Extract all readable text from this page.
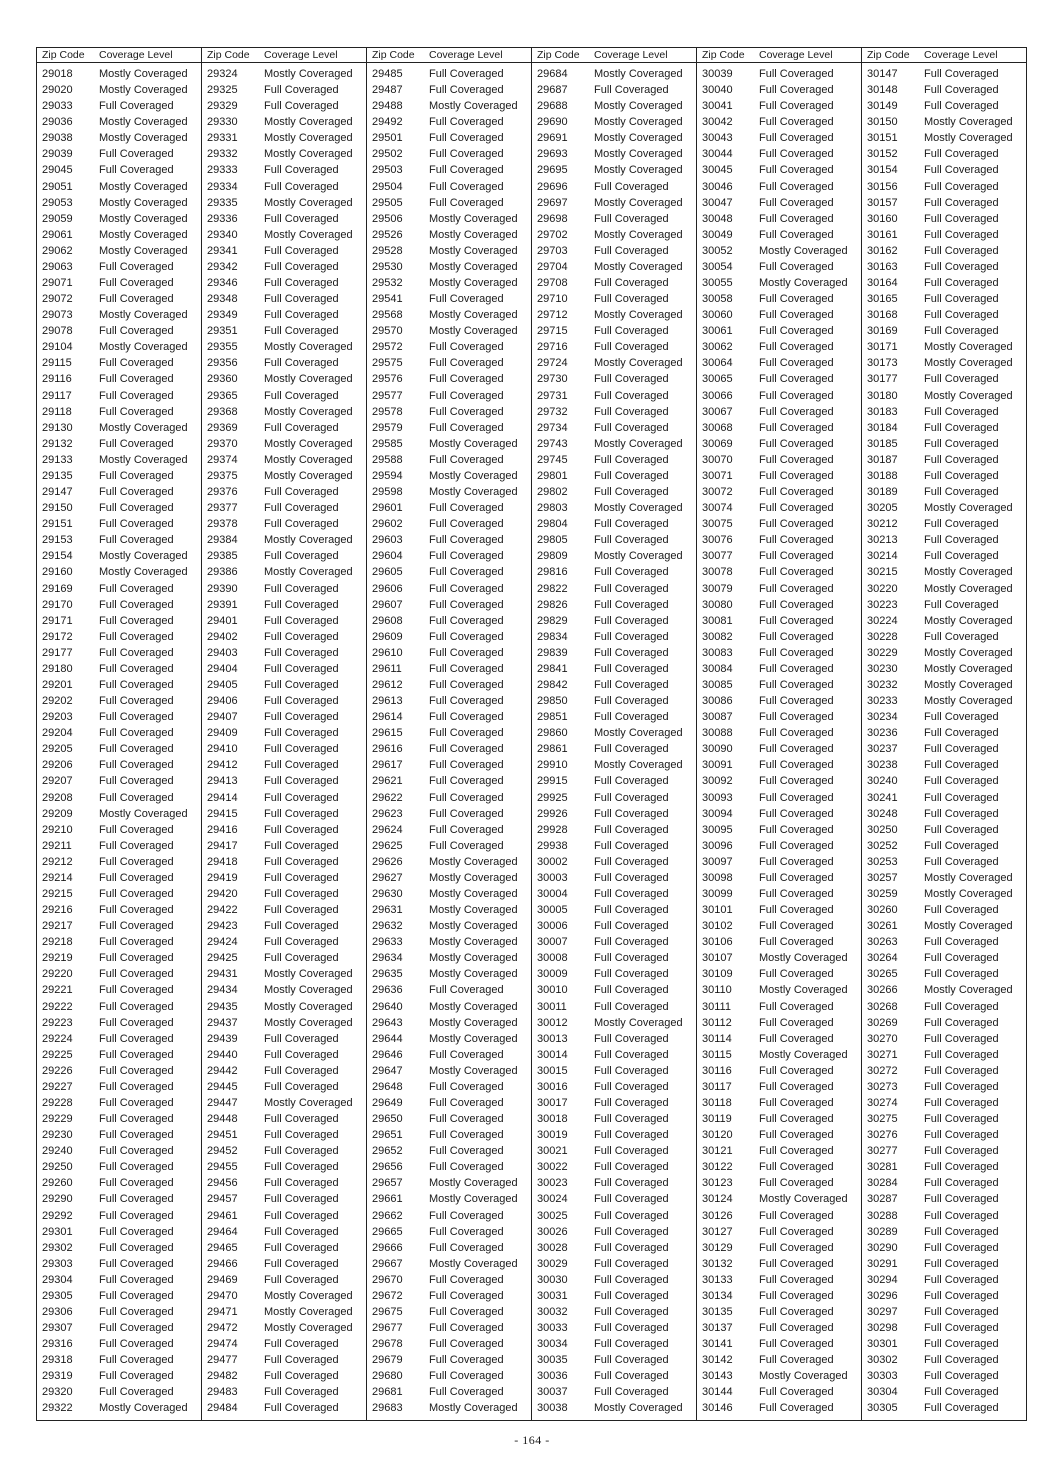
Zip Code Coverage Level
29018 Mostly Coveraged
29020 Mostly Coveraged
29033 Full Coveraged
29036 Mostly Coveraged
29038 Mostly Coveraged
29039 Full Coveraged
29045 Full Coveraged
29051 Mostly Coveraged
29053 Mostly Coveraged
29059 Mostly Coveraged
29061 Mostly Coveraged
29062 Mostly Coveraged
29063 Full Coveraged
29071 Full Coveraged
29072 Full Coveraged
29073 Mostly Coveraged
29078 Full Coveraged
29104 Mostly Coveraged
29115 Full Coveraged
29116 Full Coveraged
29117 Full Coveraged
29118 Full Coveraged
29130 Mostly Coveraged
29132 Full Coveraged
29133 Mostly Coveraged
29135 Full Coveraged
29147 Full Coveraged
29150 Full Coveraged
29151 Full Coveraged
29153 Full Coveraged
29154 Mostly Coveraged
29160 Mostly Coveraged
29169 Full Coveraged
29170 Full Coveraged
29171 Full Coveraged
29172 Full Coveraged
29177 Full Coveraged
29180 Full Coveraged
29201 Full Coveraged
29202 Full Coveraged
29203 Full Coveraged
29204 Full Coveraged
29205 Full Coveraged
29206 Full Coveraged
29207 Full Coveraged
29208 Full Coveraged
29209 Mostly Coveraged
29210 Full Coveraged
29211 Full Coveraged
29212 Full Coveraged
29214 Full Coveraged
29215 Full Coveraged
29216 Full Coveraged
29217 Full Coveraged
29218 Full Coveraged
29219 Full Coveraged
29220 Full Coveraged
29221 Full Coveraged
29222 Full Coveraged
29223 Full Coveraged
29224 Full Coveraged
29225 Full Coveraged
29226 Full Coveraged
29227 Full Coveraged
29228 Full Coveraged
29229 Full Coveraged
29230 Full Coveraged
29240 Full Coveraged
29250 Full Coveraged
29260 Full Coveraged
29290 Full Coveraged
29292 Full Coveraged
29301 Full Coveraged
29302 Full Coveraged
29303 Full Coveraged
29304 Full Coveraged
29305 Full Coveraged
29306 Full Coveraged
29307 Full Coveraged
29316 Full Coveraged
29318 Full Coveraged
29319 Full Coveraged
29320 Full Coveraged
29322 Mostly Coveraged
Zip Code Coverage Level
29324 Mostly Coveraged
29325 Full Coveraged
29329 Full Coveraged
29330 Mostly Coveraged
29331 Mostly Coveraged
29332 Mostly Coveraged
29333 Full Coveraged
29334 Full Coveraged
29335 Mostly Coveraged
29336 Full Coveraged
29340 Mostly Coveraged
29341 Full Coveraged
29342 Full Coveraged
29346 Full Coveraged
29348 Full Coveraged
29349 Full Coveraged
29351 Full Coveraged
29355 Mostly Coveraged
29356 Full Coveraged
29360 Mostly Coveraged
29365 Full Coveraged
29368 Mostly Coveraged
29369 Full Coveraged
29370 Mostly Coveraged
29374 Mostly Coveraged
29375 Mostly Coveraged
29376 Full Coveraged
29377 Full Coveraged
29378 Full Coveraged
29384 Mostly Coveraged
29385 Full Coveraged
29386 Mostly Coveraged
29390 Full Coveraged
29391 Full Coveraged
29401 Full Coveraged
29402 Full Coveraged
29403 Full Coveraged
29404 Full Coveraged
29405 Full Coveraged
29406 Full Coveraged
29407 Full Coveraged
29409 Full Coveraged
29410 Full Coveraged
29412 Full Coveraged
29413 Full Coveraged
29414 Full Coveraged
29415 Full Coveraged
29416 Full Coveraged
29417 Full Coveraged
29418 Full Coveraged
29419 Full Coveraged
29420 Full Coveraged
29422 Full Coveraged
29423 Full Coveraged
29424 Full Coveraged
29425 Full Coveraged
29431 Mostly Coveraged
29434 Mostly Coveraged
29435 Mostly Coveraged
29437 Mostly Coveraged
29439 Full Coveraged
29440 Full Coveraged
29442 Full Coveraged
29445 Full Coveraged
29447 Mostly Coveraged
29448 Full Coveraged
29451 Full Coveraged
29452 Full Coveraged
29455 Full Coveraged
29456 Full Coveraged
29457 Full Coveraged
29461 Full Coveraged
29464 Full Coveraged
29465 Full Coveraged
29466 Full Coveraged
29469 Full Coveraged
29470 Mostly Coveraged
29471 Mostly Coveraged
29472 Mostly Coveraged
29474 Full Coveraged
29477 Full Coveraged
29482 Full Coveraged
29483 Full Coveraged
29484 Full Coveraged
Zip Code Coverage Level
29485 Full Coveraged
29487 Full Coveraged
29488 Mostly Coveraged
29492 Full Coveraged
29501 Full Coveraged
29502 Full Coveraged
29503 Full Coveraged
29504 Full Coveraged
29505 Full Coveraged
29506 Mostly Coveraged
29526 Mostly Coveraged
29528 Mostly Coveraged
29530 Mostly Coveraged
29532 Mostly Coveraged
29541 Full Coveraged
29568 Mostly Coveraged
29570 Mostly Coveraged
29572 Full Coveraged
29575 Full Coveraged
29576 Full Coveraged
29577 Full Coveraged
29578 Full Coveraged
29579 Full Coveraged
29585 Mostly Coveraged
29588 Full Coveraged
29594 Mostly Coveraged
29598 Mostly Coveraged
29601 Full Coveraged
29602 Full Coveraged
29603 Full Coveraged
29604 Full Coveraged
29605 Full Coveraged
29606 Full Coveraged
29607 Full Coveraged
29608 Full Coveraged
29609 Full Coveraged
29610 Full Coveraged
29611 Full Coveraged
29612 Full Coveraged
29613 Full Coveraged
29614 Full Coveraged
29615 Full Coveraged
29616 Full Coveraged
29617 Full Coveraged
29621 Full Coveraged
29622 Full Coveraged
29623 Full Coveraged
29624 Full Coveraged
29625 Full Coveraged
29626 Mostly Coveraged
29627 Mostly Coveraged
29630 Mostly Coveraged
29631 Mostly Coveraged
29632 Mostly Coveraged
29633 Mostly Coveraged
29634 Mostly Coveraged
29635 Mostly Coveraged
29636 Full Coveraged
29640 Mostly Coveraged
29643 Mostly Coveraged
29644 Mostly Coveraged
29646 Full Coveraged
29647 Mostly Coveraged
29648 Full Coveraged
29649 Full Coveraged
29650 Full Coveraged
29651 Full Coveraged
29652 Full Coveraged
29656 Full Coveraged
29657 Mostly Coveraged
29661 Mostly Coveraged
29662 Full Coveraged
29665 Full Coveraged
29666 Full Coveraged
29667 Mostly Coveraged
29670 Full Coveraged
29672 Full Coveraged
29675 Full Coveraged
29677 Full Coveraged
29678 Full Coveraged
29679 Full Coveraged
29680 Full Coveraged
29681 Full Coveraged
29683 Mostly Coveraged
Zip Code Coverage Level
29684 Mostly Coveraged
29687 Full Coveraged
29688 Mostly Coveraged
29690 Mostly Coveraged
29691 Mostly Coveraged
29693 Mostly Coveraged
29695 Mostly Coveraged
29696 Full Coveraged
29697 Mostly Coveraged
29698 Full Coveraged
29702 Mostly Coveraged
29703 Full Coveraged
29704 Mostly Coveraged
29708 Full Coveraged
29710 Full Coveraged
29712 Mostly Coveraged
29715 Full Coveraged
29716 Full Coveraged
29724 Mostly Coveraged
29730 Full Coveraged
29731 Full Coveraged
29732 Full Coveraged
29734 Full Coveraged
29743 Mostly Coveraged
29745 Full Coveraged
29801 Full Coveraged
29802 Full Coveraged
29803 Mostly Coveraged
29804 Full Coveraged
29805 Full Coveraged
29809 Mostly Coveraged
29816 Full Coveraged
29822 Full Coveraged
29826 Full Coveraged
29829 Full Coveraged
29834 Full Coveraged
29839 Full Coveraged
29841 Full Coveraged
29842 Full Coveraged
29850 Full Coveraged
29851 Full Coveraged
29860 Mostly Coveraged
29861 Full Coveraged
29910 Mostly Coveraged
29915 Full Coveraged
29925 Full Coveraged
29926 Full Coveraged
29928 Full Coveraged
29938 Full Coveraged
30002 Full Coveraged
30003 Full Coveraged
30004 Full Coveraged
30005 Full Coveraged
30006 Full Coveraged
30007 Full Coveraged
30008 Full Coveraged
30009 Full Coveraged
30010 Full Coveraged
30011 Full Coveraged
30012 Mostly Coveraged
30013 Full Coveraged
30014 Full Coveraged
30015 Full Coveraged
30016 Full Coveraged
30017 Full Coveraged
30018 Full Coveraged
30019 Full Coveraged
30021 Full Coveraged
30022 Full Coveraged
30023 Full Coveraged
30024 Full Coveraged
30025 Full Coveraged
30026 Full Coveraged
30028 Full Coveraged
30029 Full Coveraged
30030 Full Coveraged
30031 Full Coveraged
30032 Full Coveraged
30033 Full Coveraged
30034 Full Coveraged
30035 Full Coveraged
30036 Full Coveraged
30037 Full Coveraged
30038 Mostly Coveraged
Zip Code Coverage Level
30039 Full Coveraged
30040 Full Coveraged
30041 Full Coveraged
30042 Full Coveraged
30043 Full Coveraged
30044 Full Coveraged
30045 Full Coveraged
30046 Full Coveraged
30047 Full Coveraged
30048 Full Coveraged
30049 Full Coveraged
30052 Mostly Coveraged
30054 Full Coveraged
30055 Mostly Coveraged
30058 Full Coveraged
30060 Full Coveraged
30061 Full Coveraged
30062 Full Coveraged
30064 Full Coveraged
30065 Full Coveraged
30066 Full Coveraged
30067 Full Coveraged
30068 Full Coveraged
30069 Full Coveraged
30070 Full Coveraged
30071 Full Coveraged
30072 Full Coveraged
30074 Full Coveraged
30075 Full Coveraged
30076 Full Coveraged
30077 Full Coveraged
30078 Full Coveraged
30079 Full Coveraged
30080 Full Coveraged
30081 Full Coveraged
30082 Full Coveraged
30083 Full Coveraged
30084 Full Coveraged
30085 Full Coveraged
30086 Full Coveraged
30087 Full Coveraged
30088 Full Coveraged
30090 Full Coveraged
30091 Full Coveraged
30092 Full Coveraged
30093 Full Coveraged
30094 Full Coveraged
30095 Full Coveraged
30096 Full Coveraged
30097 Full Coveraged
30098 Full Coveraged
30099 Full Coveraged
30101 Full Coveraged
30102 Full Coveraged
30106 Full Coveraged
30107 Mostly Coveraged
30109 Full Coveraged
30110 Mostly Coveraged
30111	Full Coveraged
30112 Full Coveraged
30114 Full Coveraged
30115 Mostly Coveraged
30116 Full Coveraged
30117 Full Coveraged
30118 Full Coveraged
30119 Full Coveraged
30120 Full Coveraged
30121 Full Coveraged
30122 Full Coveraged
30123 Full Coveraged
30124 Mostly Coveraged
30126 Full Coveraged
30127 Full Coveraged
30129 Full Coveraged
30132 Full Coveraged
30133 Full Coveraged
30134 Full Coveraged
30135 Full Coveraged
30137 Full Coveraged
30141 Full Coveraged
30142 Full Coveraged
30143 Mostly Coveraged
30144 Full Coveraged
30146 Full Coveraged
Zip Code Coverage Level
30147 Full Coveraged
30148 Full Coveraged
30149 Full Coveraged
30150 Mostly Coveraged
30151 Mostly Coveraged
30152 Full Coveraged
30154 Full Coveraged
30156 Full Coveraged
30157 Full Coveraged
30160 Full Coveraged
30161 Full Coveraged
30162 Full Coveraged
30163 Full Coveraged
30164 Full Coveraged
30165 Full Coveraged
30168 Full Coveraged
30169 Full Coveraged
30171 Mostly Coveraged
30173 Mostly Coveraged
30177 Full Coveraged
30180 Mostly Coveraged
30183 Full Coveraged
30184 Full Coveraged
30185 Full Coveraged
30187 Full Coveraged
30188 Full Coveraged
30189 Full Coveraged
30205 Mostly Coveraged
30212 Full Coveraged
30213 Full Coveraged
30214 Full Coveraged
30215 Mostly Coveraged
30220 Mostly Coveraged
30223 Full Coveraged
30224 Mostly Coveraged
30228 Full Coveraged
30229 Mostly Coveraged
30230 Mostly Coveraged
30232 Mostly Coveraged
30233 Mostly Coveraged
30234 Full Coveraged
30236 Full Coveraged
30237 Full Coveraged
30238 Full Coveraged
30240 Full Coveraged
30241 Full Coveraged
30248 Full Coveraged
30250 Full Coveraged
30252 Full Coveraged
30253 Full Coveraged
30257 Mostly Coveraged
30259 Mostly Coveraged
30260 Full Coveraged
30261 Mostly Coveraged
30263 Full Coveraged
30264 Full Coveraged
30265 Full Coveraged
30266 Mostly Coveraged
30268 Full Coveraged
30269 Full Coveraged
30270 Full Coveraged
30271 Full Coveraged
30272 Full Coveraged
30273 Full Coveraged
30274 Full Coveraged
30275 Full Coveraged
30276 Full Coveraged
30277 Full Coveraged
30281 Full Coveraged
30284 Full Coveraged
30287 Full Coveraged
30288 Full Coveraged
30289 Full Coveraged
30290 Full Coveraged
30291 Full Coveraged
30294 Full Coveraged
30296 Full Coveraged
30297 Full Coveraged
30298 Full Coveraged
30301 Full Coveraged
30302 Full Coveraged
30303 Full Coveraged
30304 Full Coveraged
30305 Full Coveraged
- 164 -
